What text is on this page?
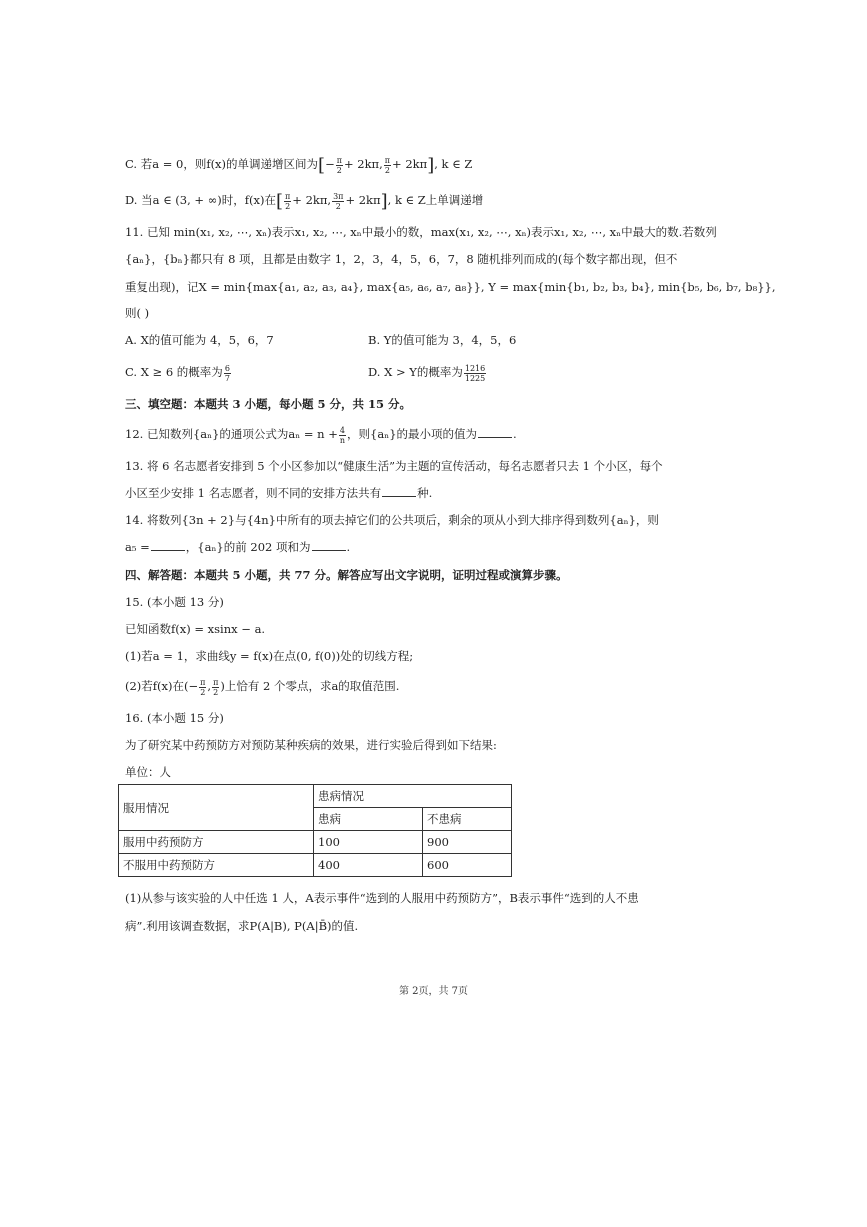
C. 若a = 0，则f(x)的单调递增区间为[− $\frac{\pi}{2} + 2k\pi$, $\frac{\pi}{2} + 2k\pi$], k ∈ Z
D. 当a ∈ (3, + ∞)时，f(x)在[ $\frac{\pi}{2} + 2k\pi$, $\frac{3\pi}{2} + 2k\pi$], k ∈ Z上单调递增
11. 已知 min(x₁, x₂, ⋯, xₙ)表示x₁, x₂, ⋯, xₙ中最小的数，max(x₁, x₂, ⋯, xₙ)表示x₁, x₂, ⋯, xₙ中最大的数.若数列
{aₙ}，{bₙ}都只有 8 项，且都是由数字 1，2，3，4，5，6，7，8 随机排列而成的(每个数字都出现，但不
重复出现)，记X = min{max{a₁, a₂, a₃, a₄}, max{a₅, a₆, a₇, a₈}}, Y = max{min{b₁, b₂, b₃, b₄}, min{b₅, b₆, b₇, b₈}},
则( )
A. X的值可能为 4，5，6，7	B. Y的值可能为 3，4，5，6
C. X ≥ 6 的概率为 $\frac{6}{7}$	D. X > Y的概率为 $\frac{1216}{1225}$
三、填空题：本题共 3 小题，每小题 5 分，共 15 分。
12. 已知数列{aₙ}的通项公式为$a_n = n + \frac{4}{n}$ ，则{aₙ}的最小项的值为	.
13. 将 6 名志愿者安排到 5 个小区参加以“健康生活”为主题的宣传活动，每名志愿者只去 1 个小区，每个
小区至少安排 1 名志愿者，则不同的安排方法共有	种.
14. 将数列{3n + 2}与{4n}中所有的项去掉它们的公共项后，剩余的项从小到大排序得到数列{aₙ}，则
a₅ =	，{aₙ}的前 202 项和为	.
四、解答题：本题共 5 小题，共 77 分。解答应写出文字说明，证明过程或演算步骤。
15. (本小题 13 分)
已知函数f(x) = xsinx − a.
(1)若a = 1，求曲线y = f(x)在点(0, f(0))处的切线方程;
(2)若f(x)在(− $\frac{\pi}{2}$ , $\frac{\pi}{2}$ )上恰有 2 个零点，求a的取值范围.
16. (本小题 15 分)
为了研究某中药预防方对预防某种疾病的效果，进行实验后得到如下结果:
单位：人
服用情况	患病情况	
	患病	不患病
服用中药预防方	100	900
不服用中药预防方	400	600
(1)从参与该实验的人中任选 1 人，A表示事件“选到的人服用中药预防方”，B表示事件“选到的人不患
病”.利用该调查数据，求P(A|B), P(A|B̄)的值.
第 2页，共 7页
